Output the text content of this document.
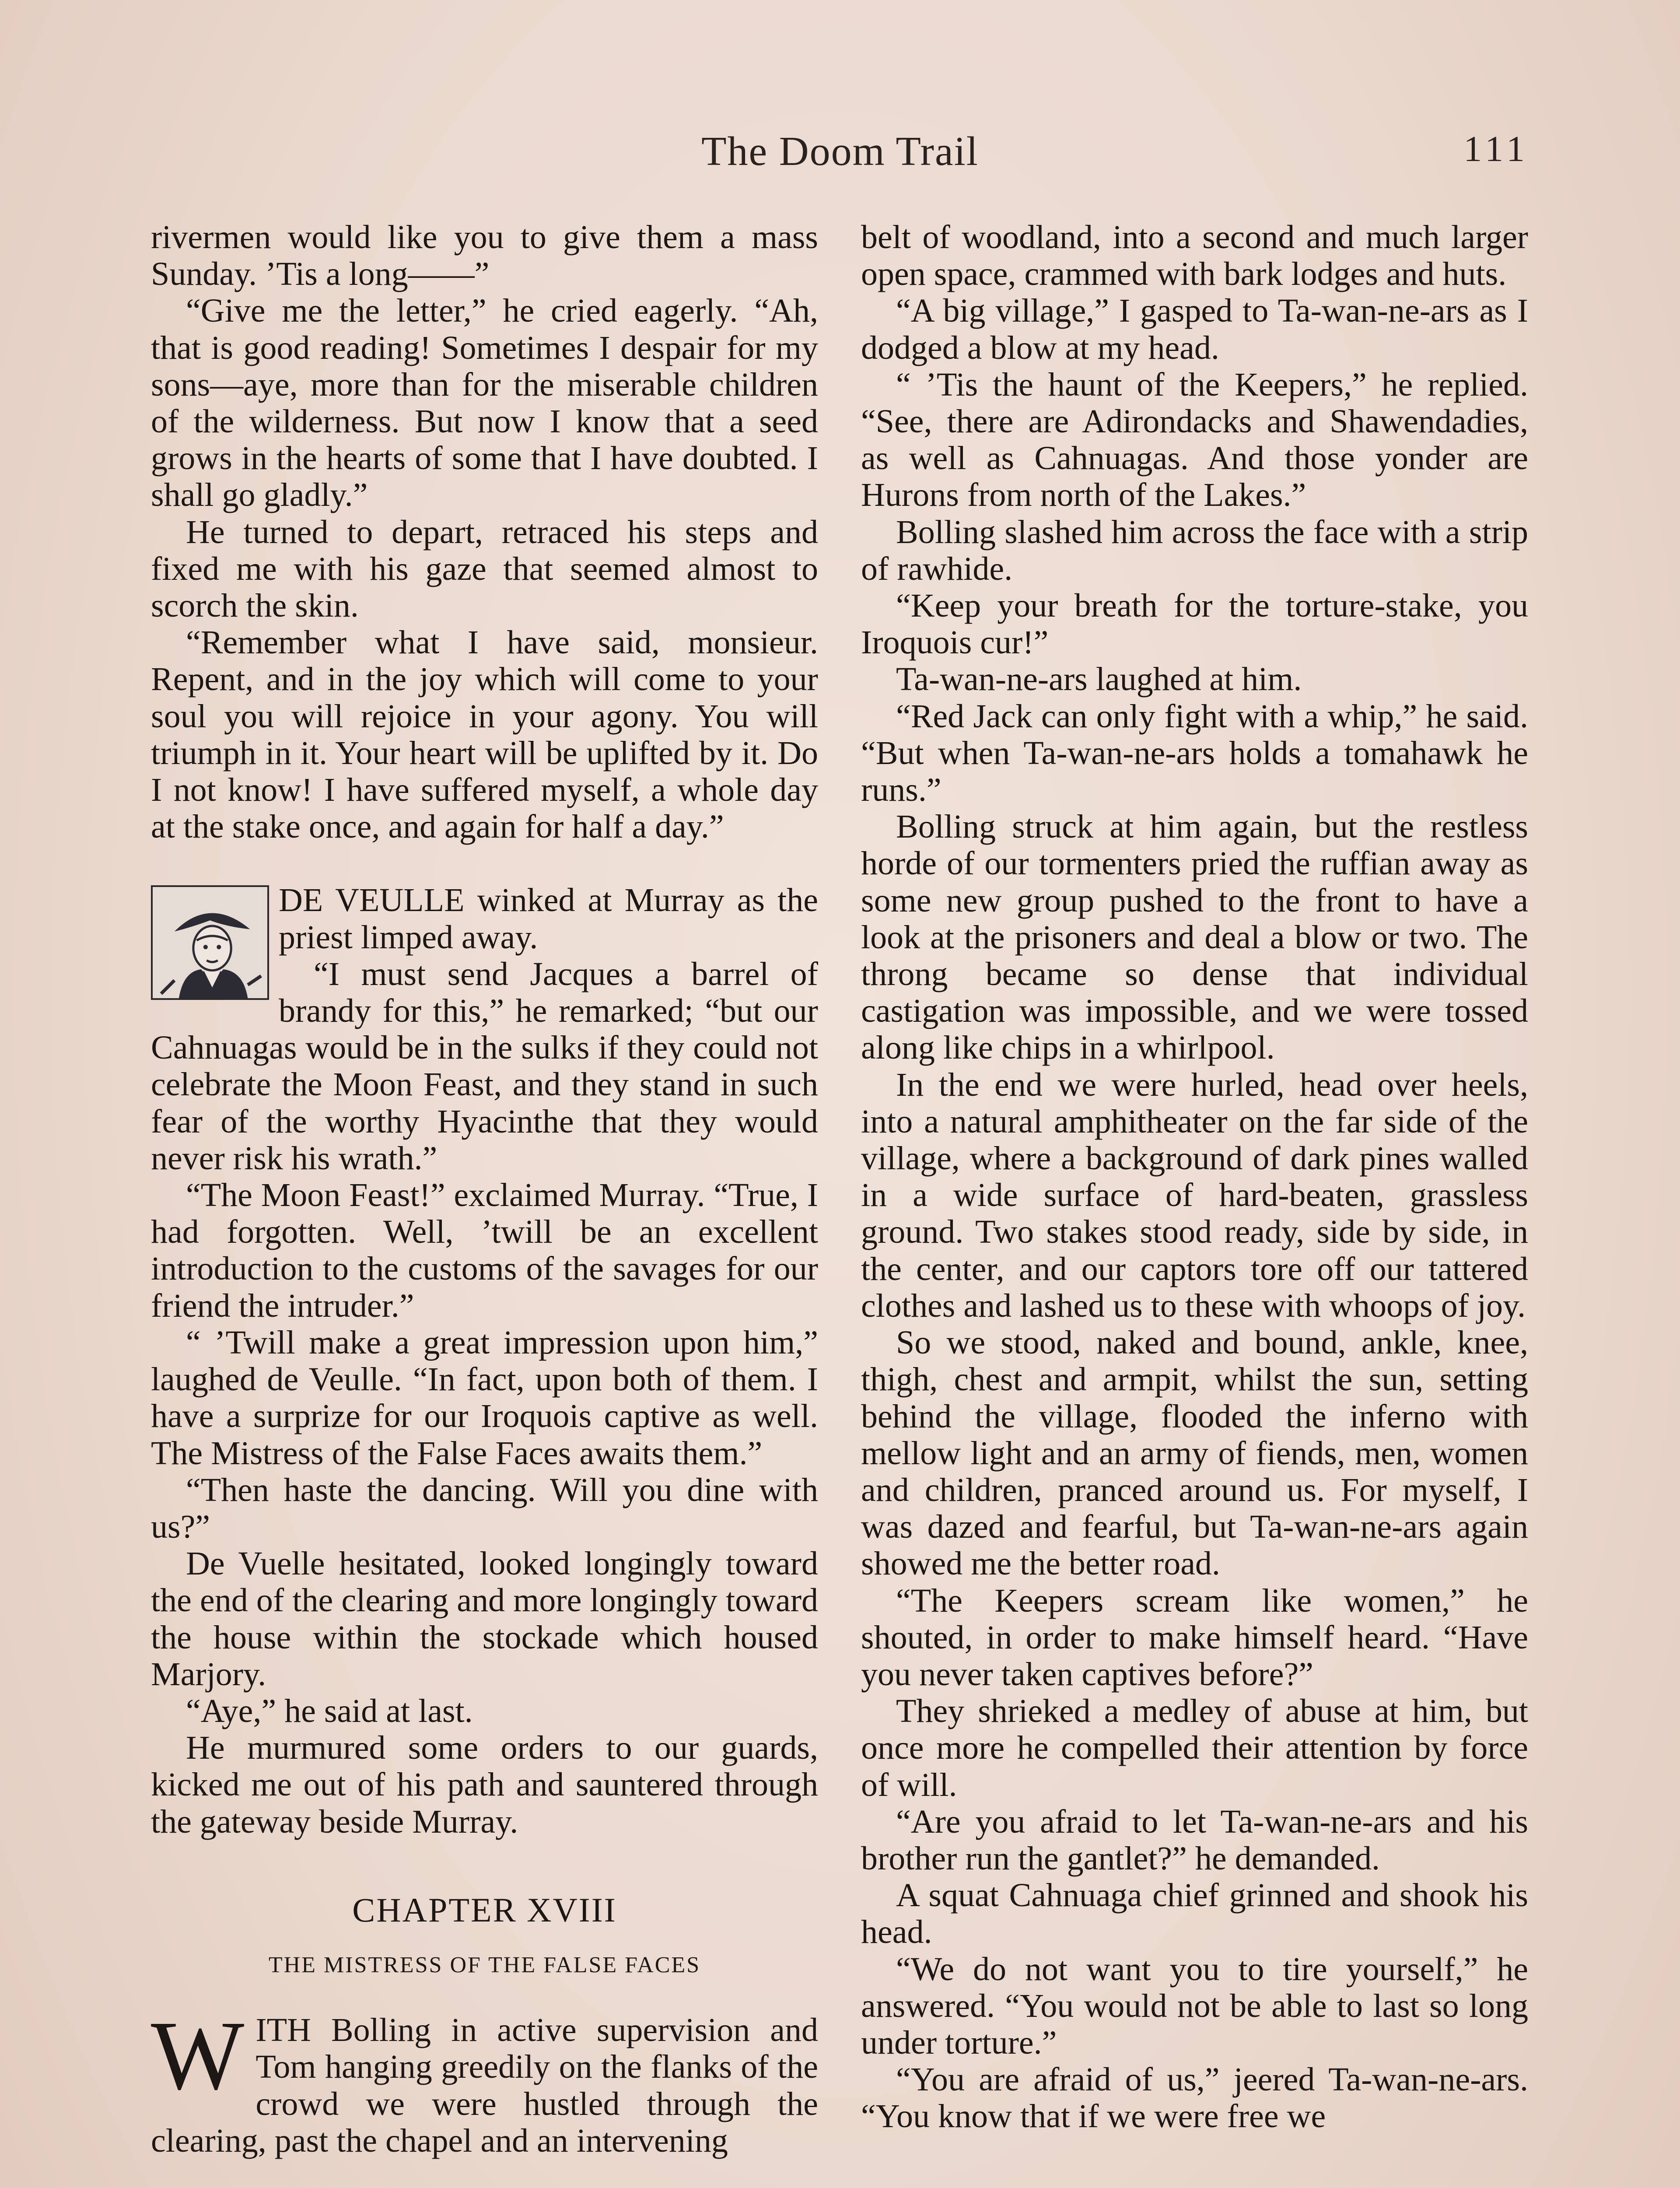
The Doom Trail	111

rivermen would like you to give them a mass Sunday. ’Tis a long——”

“Give me the letter,” he cried eagerly. “Ah, that is good reading! Sometimes I despair for my sons—aye, more than for the miserable children of the wilderness. But now I know that a seed grows in the hearts of some that I have doubted. I shall go gladly.”

He turned to depart, retraced his steps and fixed me with his gaze that seemed almost to scorch the skin.

“Remember what I have said, monsieur. Repent, and in the joy which will come to your soul you will rejoice in your agony. You will triumph in it. Your heart will be uplifted by it. Do I not know! I have suffered myself, a whole day at the stake once, and again for half a day.”

DE VEULLE winked at Murray as the priest limped away.

“I must send Jacques a barrel of brandy for this,” he remarked; “but our Cahnuagas would be in the sulks if they could not celebrate the Moon Feast, and they stand in such fear of the worthy Hyacinthe that they would never risk his wrath.”

“The Moon Feast!” exclaimed Murray. “True, I had forgotten. Well, ’twill be an excellent introduction to the customs of the savages for our friend the intruder.”

“ ’Twill make a great impression upon him,” laughed de Veulle. “In fact, upon both of them. I have a surprize for our Iroquois captive as well. The Mistress of the False Faces awaits them.”

“Then haste the dancing. Will you dine with us?”

De Vuelle hesitated, looked longingly toward the end of the clearing and more longingly toward the house within the stockade which housed Marjory.

“Aye,” he said at last.

He murmured some orders to our guards, kicked me out of his path and sauntered through the gateway beside Murray.

CHAPTER XVIII
THE MISTRESS OF THE FALSE FACES

WITH Bolling in active supervision and Tom hanging greedily on the flanks of the crowd we were hustled through the clearing, past the chapel and an intervening

belt of woodland, into a second and much larger open space, crammed with bark lodges and huts.

“A big village,” I gasped to Ta-wan-ne-ars as I dodged a blow at my head.

“ ’Tis the haunt of the Keepers,” he replied. “See, there are Adirondacks and Shawendadies, as well as Cahnuagas. And those yonder are Hurons from north of the Lakes.”

Bolling slashed him across the face with a strip of rawhide.

“Keep your breath for the torture-stake, you Iroquois cur!”

Ta-wan-ne-ars laughed at him.

“Red Jack can only fight with a whip,” he said. “But when Ta-wan-ne-ars holds a tomahawk he runs.”

Bolling struck at him again, but the restless horde of our tormenters pried the ruffian away as some new group pushed to the front to have a look at the prisoners and deal a blow or two. The throng became so dense that individual castigation was impossible, and we were tossed along like chips in a whirlpool.

In the end we were hurled, head over heels, into a natural amphitheater on the far side of the village, where a background of dark pines walled in a wide surface of hard-beaten, grassless ground. Two stakes stood ready, side by side, in the center, and our captors tore off our tattered clothes and lashed us to these with whoops of joy.

So we stood, naked and bound, ankle, knee, thigh, chest and armpit, whilst the sun, setting behind the village, flooded the inferno with mellow light and an army of fiends, men, women and children, pranced around us. For myself, I was dazed and fearful, but Ta-wan-ne-ars again showed me the better road.

“The Keepers scream like women,” he shouted, in order to make himself heard. “Have you never taken captives before?”

They shrieked a medley of abuse at him, but once more he compelled their attention by force of will.

“Are you afraid to let Ta-wan-ne-ars and his brother run the gantlet?” he demanded.

A squat Cahnuaga chief grinned and shook his head.

“We do not want you to tire yourself,” he answered. “You would not be able to last so long under torture.”

“You are afraid of us,” jeered Ta-wan-ne-ars. “You know that if we were free we
